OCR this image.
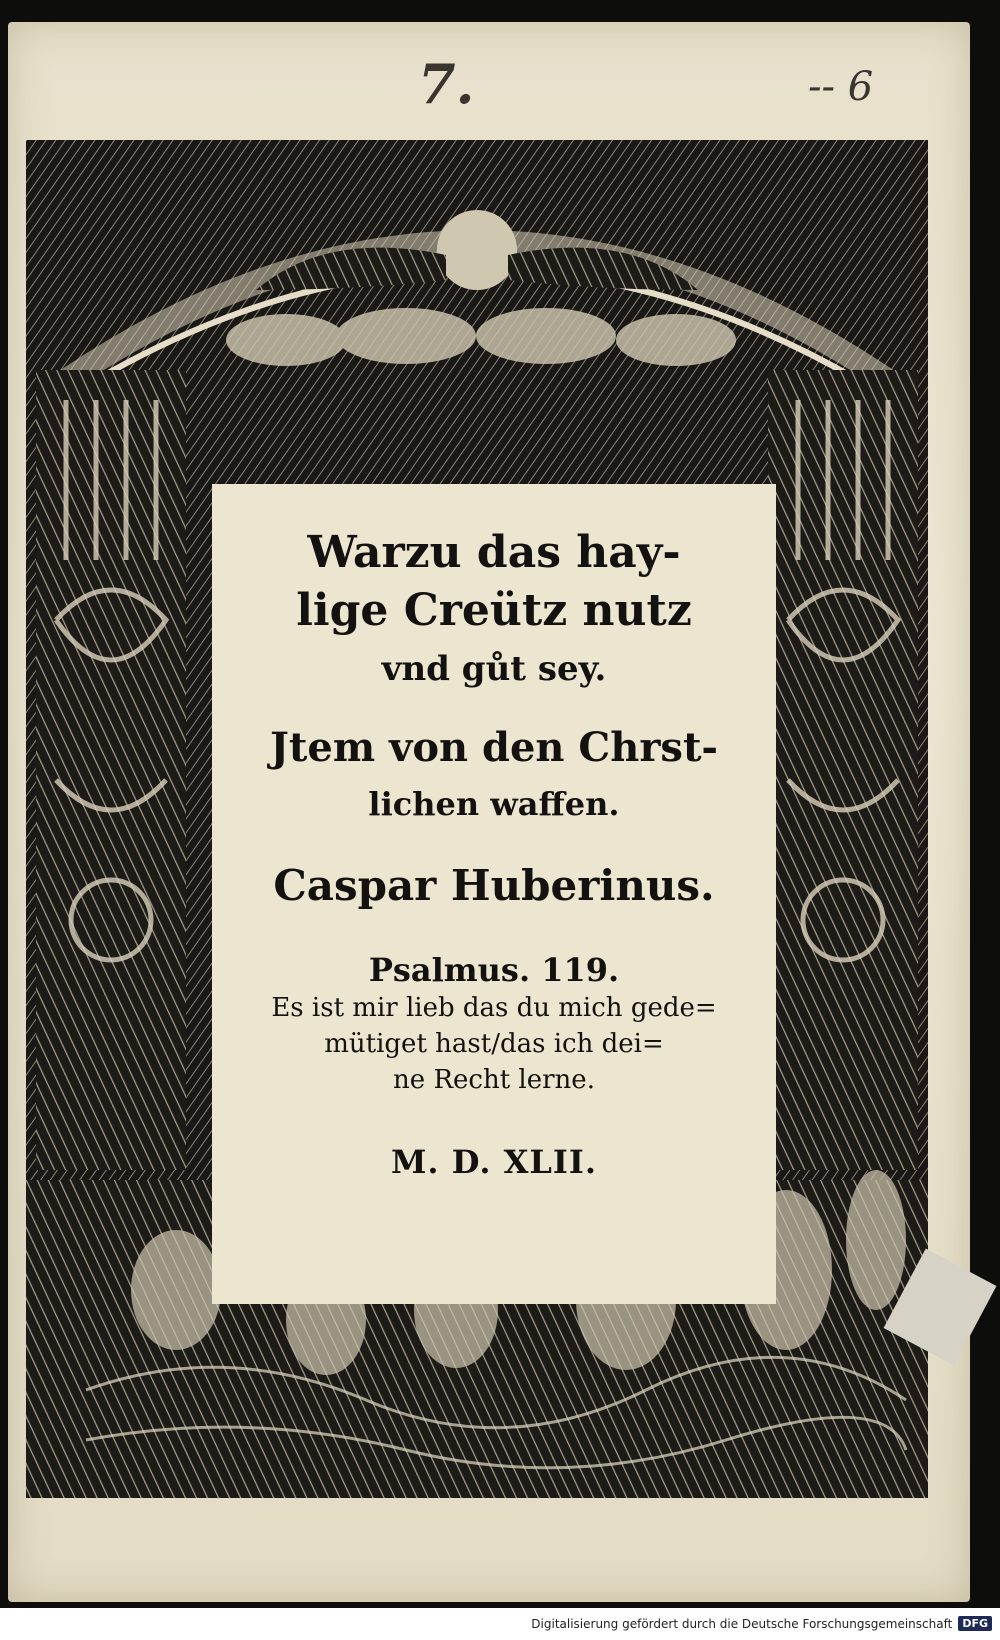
7.	-- 6
Warzu das hay-
lige Creütz nutz
vnd gůt sey.
Jtem von den Chrst-
lichen waffen.
Caspar Huberinus.
Psalmus. 119.
Es ist mir lieb das du mich gede=
mütiget hast/das ich dei=
ne Recht lerne.
M. D. XLII.
Digitalisierung gefördert durch die Deutsche Forschungsgemeinschaft DFG
